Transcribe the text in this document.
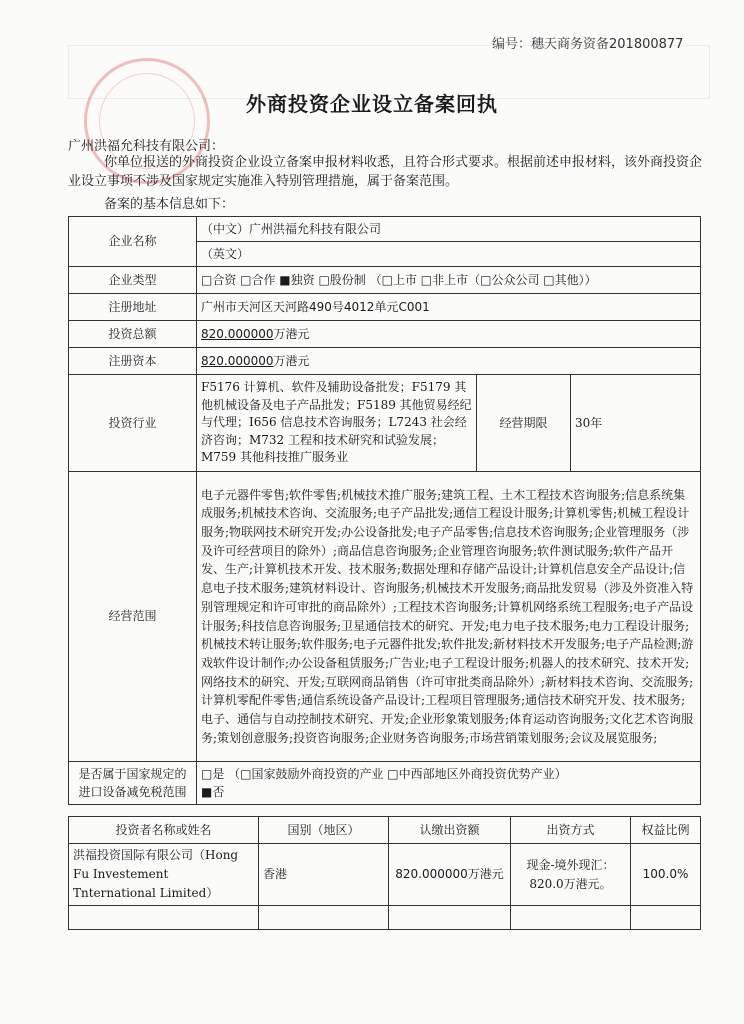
编号：穗天商务资备201800877
外商投资企业设立备案回执
广州洪福允科技有限公司：
你单位报送的外商投资企业设立备案申报材料收悉，且符合形式要求。根据前述申报材料，该外商投资企业设立事项不涉及国家规定实施准入特别管理措施，属于备案范围。
备案的基本信息如下：
企业名称	（中文）广州洪福允科技有限公司		
	（英文）		
企业类型	□合资 □合作 ■独资 □股份制 （□上市 □非上市（□公众公司 □其他））		
注册地址	广州市天河区天河路490号4012单元C001		
投资总额	820.000000万港元		
注册资本	820.000000万港元		
投资行业	F5176 计算机、软件及辅助设备批发；F5179 其他机械设备及电子产品批发；F5189 其他贸易经纪与代理；I656 信息技术咨询服务；L7243 社会经济咨询；M732 工程和技术研究和试验发展；M759 其他科技推广服务业	经营期限	30年
经营范围	电子元器件零售;软件零售;机械技术推广服务;建筑工程、土木工程技术咨询服务;信息系统集成服务;机械技术咨询、交流服务;电子产品批发;通信工程设计服务;计算机零售;机械工程设计服务;物联网技术研究开发;办公设备批发;电子产品零售;信息技术咨询服务;企业管理服务（涉及许可经营项目的除外）;商品信息咨询服务;企业管理咨询服务;软件测试服务;软件产品开发、生产;计算机技术开发、技术服务;数据处理和存储产品设计;计算机信息安全产品设计;信息电子技术服务;建筑材料设计、咨询服务;机械技术开发服务;商品批发贸易（涉及外资准入特别管理规定和许可审批的商品除外）;工程技术咨询服务;计算机网络系统工程服务;电子产品设计服务;科技信息咨询服务;卫星通信技术的研究、开发;电力电子技术服务;电力工程设计服务;机械技术转让服务;软件服务;电子元器件批发;软件批发;新材料技术开发服务;电子产品检测;游戏软件设计制作;办公设备租赁服务;广告业;电子工程设计服务;机器人的技术研究、技术开发;网络技术的研究、开发;互联网商品销售（许可审批类商品除外）;新材料技术咨询、交流服务;计算机零配件零售;通信系统设备产品设计;工程项目管理服务;通信技术研究开发、技术服务;电子、通信与自动控制技术研究、开发;企业形象策划服务;体育运动咨询服务;文化艺术咨询服务;策划创意服务;投资咨询服务;企业财务咨询服务;市场营销策划服务;会议及展览服务;		
是否属于国家规定的进口设备减免税范围	□是 （□国家鼓励外商投资的产业 □中西部地区外商投资优势产业）
■否		
投资者名称或姓名	国别（地区）	认缴出资额	出资方式	权益比例
洪福投资国际有限公司（Hong Fu Investement Tnternational Limited）	香港	820.000000万港元	现金-境外现汇：820.0万港元。	100.0%
